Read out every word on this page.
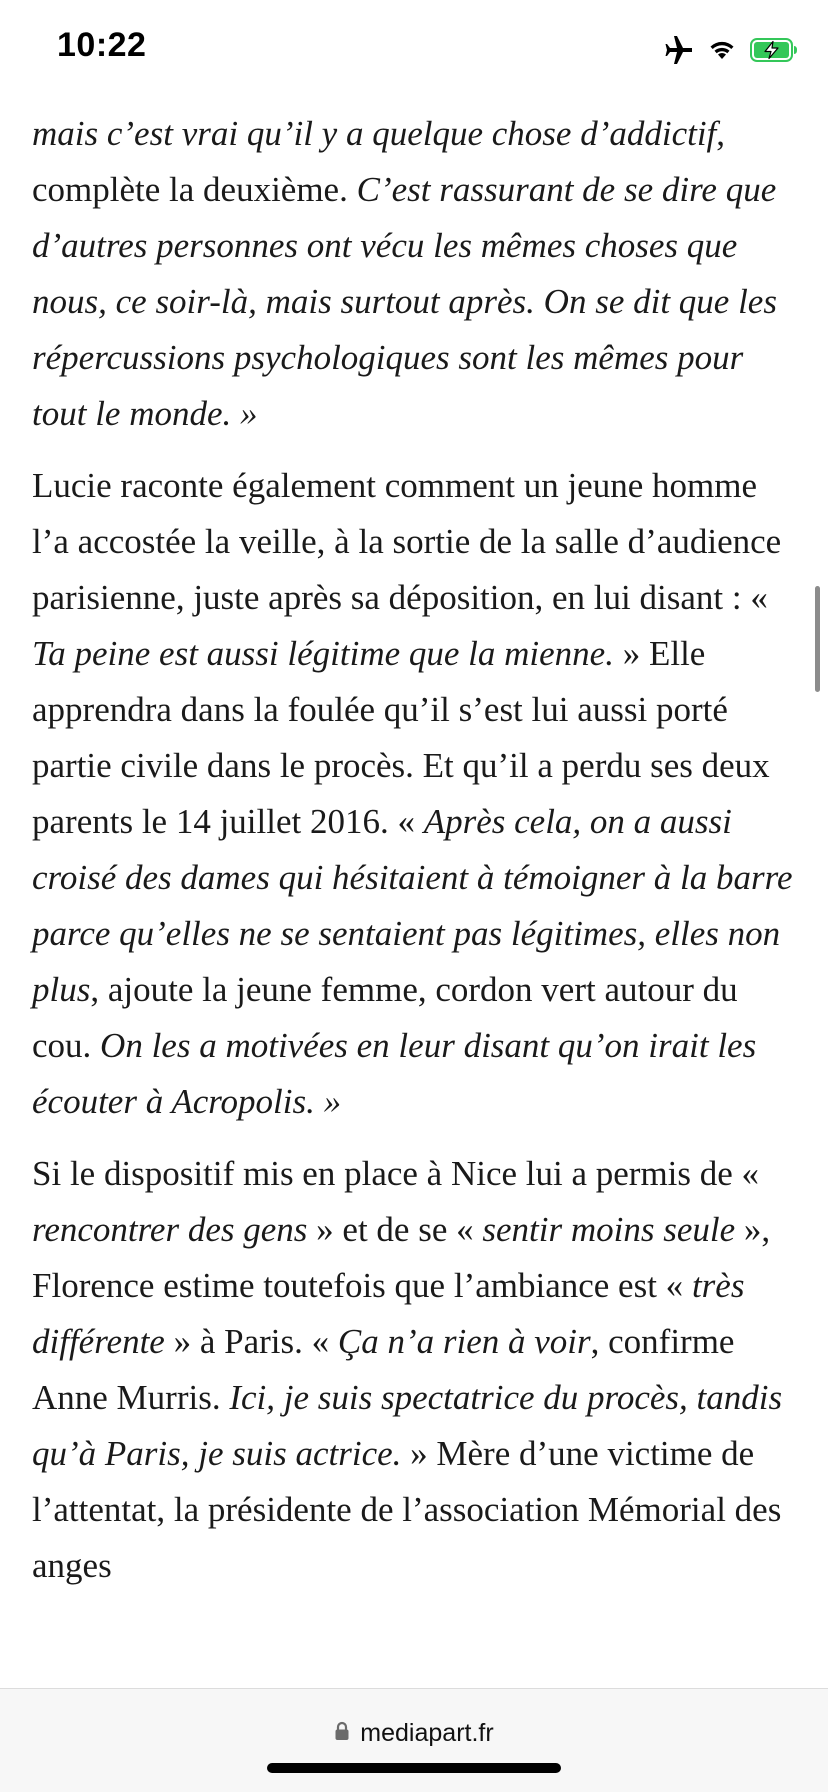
10:22

mais c’est vrai qu’il y a quelque chose d’addictif, complète la deuxième. C’est rassurant de se dire que d’autres personnes ont vécu les mêmes choses que nous, ce soir-là, mais surtout après. On se dit que les répercussions psychologiques sont les mêmes pour tout le monde. »

Lucie raconte également comment un jeune homme l’a accostée la veille, à la sortie de la salle d’audience parisienne, juste après sa déposition, en lui disant : « Ta peine est aussi légitime que la mienne. » Elle apprendra dans la foulée qu’il s’est lui aussi porté partie civile dans le procès. Et qu’il a perdu ses deux parents le 14 juillet 2016. « Après cela, on a aussi croisé des dames qui hésitaient à témoigner à la barre parce qu’elles ne se sentaient pas légitimes, elles non plus, ajoute la jeune femme, cordon vert autour du cou. On les a motivées en leur disant qu’on irait les écouter à Acropolis. »

Si le dispositif mis en place à Nice lui a permis de « rencontrer des gens » et de se « sentir moins seule », Florence estime toutefois que l’ambiance est « très différente » à Paris. « Ça n’a rien à voir, confirme Anne Murris. Ici, je suis spectatrice du procès, tandis qu’à Paris, je suis actrice. » Mère d’une victime de l’attentat, la présidente de l’association Mémorial des anges

mediapart.fr
